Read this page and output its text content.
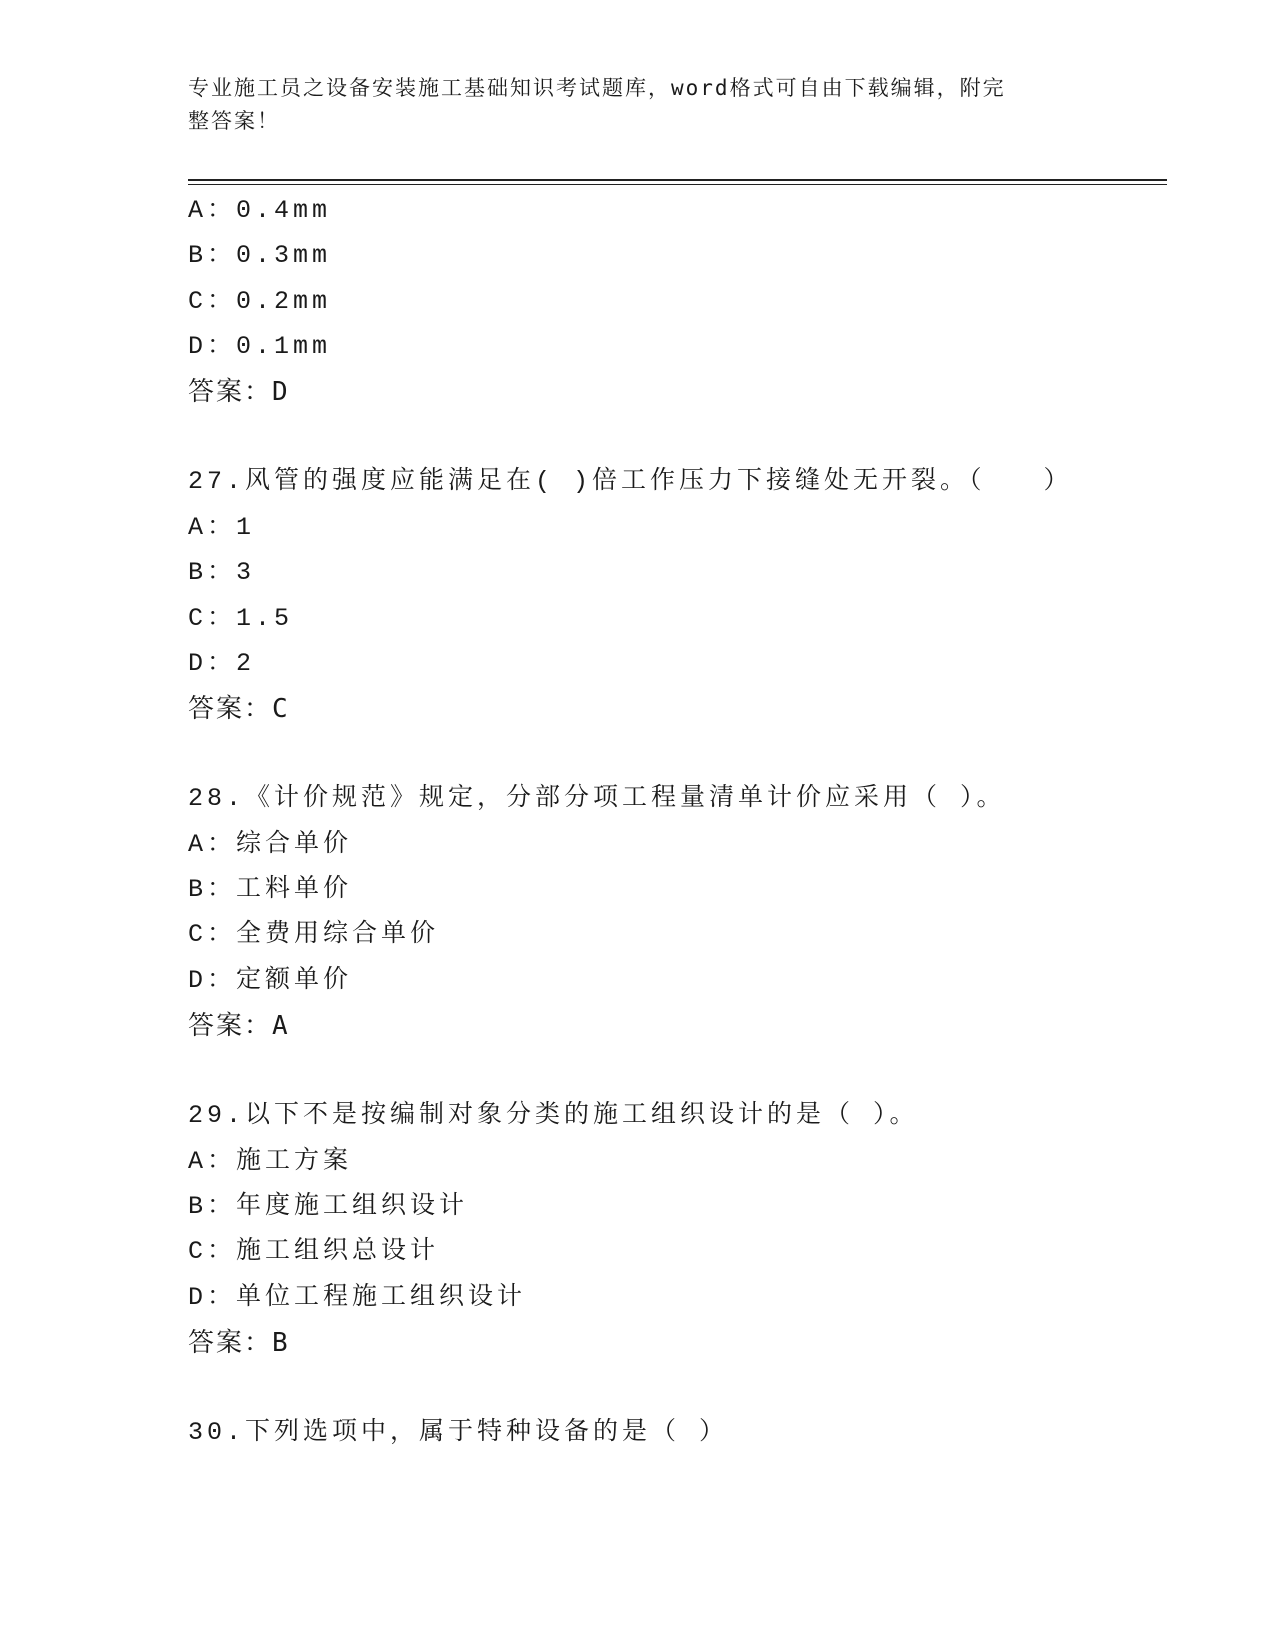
专业施工员之设备安装施工基础知识考试题库，word格式可自由下载编辑，附完
整答案！
A：0.4mm
B：0.3mm
C：0.2mm
D：0.1mm
答案：D
27.风管的强度应能满足在( )倍工作压力下接缝处无开裂。（　　）
A：1
B：3
C：1.5
D：2
答案：C
28.《计价规范》规定，分部分项工程量清单计价应采用（ ）。
A：综合单价
B：工料单价
C：全费用综合单价
D：定额单价
答案：A
29.以下不是按编制对象分类的施工组织设计的是（ ）。
A：施工方案
B：年度施工组织设计
C：施工组织总设计
D：单位工程施工组织设计
答案：B
30.下列选项中，属于特种设备的是（ ）
